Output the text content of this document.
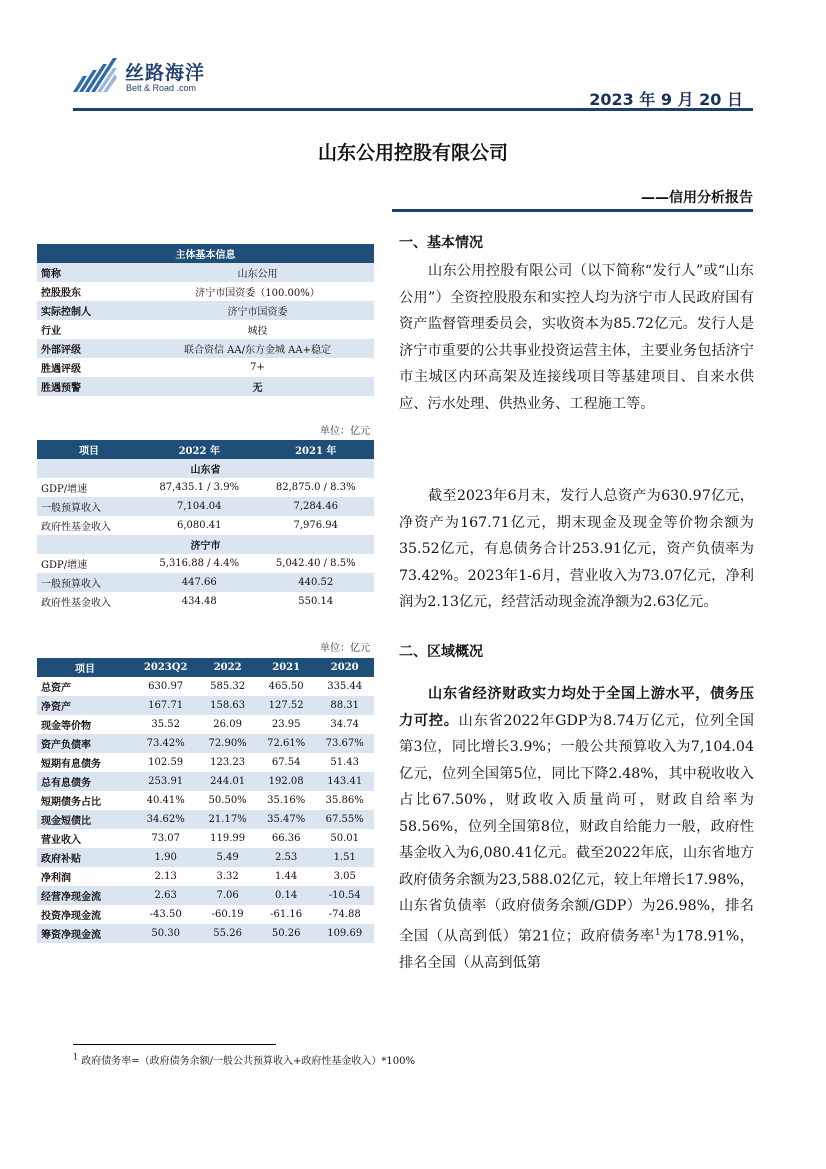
丝路海洋
Belt & Road .com
2023 年 9 月 20 日
山东公用控股有限公司
——信用分析报告
主体基本信息	
简称	山东公用
控股股东	济宁市国资委（100.00%）
实际控制人	济宁市国资委
行业	城投
外部评级	联合资信 AA/东方金城 AA+稳定
胜遇评级	7+
胜遇预警	无
单位：亿元
项目	2022 年	2021 年
山东省		
GDP/增速	87,435.1 / 3.9%	82,875.0 / 8.3%
一般预算收入	7,104.04	7,284.46
政府性基金收入	6,080.41	7,976.94
济宁市		
GDP/增速	5,316.88 / 4.4%	5,042.40 / 8.5%
一般预算收入	447.66	440.52
政府性基金收入	434.48	550.14
单位：亿元
项目	2023Q2	2022	2021	2020
总资产	630.97	585.32	465.50	335.44
净资产	167.71	158.63	127.52	88.31
现金等价物	35.52	26.09	23.95	34.74
资产负债率	73.42%	72.90%	72.61%	73.67%
短期有息债务	102.59	123.23	67.54	51.43
总有息债务	253.91	244.01	192.08	143.41
短期债务占比	40.41%	50.50%	35.16%	35.86%
现金短债比	34.62%	21.17%	35.47%	67.55%
营业收入	73.07	119.99	66.36	50.01
政府补贴	1.90	5.49	2.53	1.51
净利润	2.13	3.32	1.44	3.05
经营净现金流	2.63	7.06	0.14	-10.54
投资净现金流	-43.50	-60.19	-61.16	-74.88
筹资净现金流	50.30	55.26	50.26	109.69
一、基本情况
山东公用控股有限公司（以下简称“发行人”或“山东公用”）全资控股股东和实控人均为济宁市人民政府国有资产监督管理委员会，实收资本为85.72亿元。发行人是济宁市重要的公共事业投资运营主体，主要业务包括济宁市主城区内环高架及连接线项目等基建项目、自来水供应、污水处理、供热业务、工程施工等。
截至2023年6月末，发行人总资产为630.97亿元，净资产为167.71亿元，期末现金及现金等价物余额为35.52亿元，有息债务合计253.91亿元，资产负债率为73.42%。2023年1-6月，营业收入为73.07亿元，净利润为2.13亿元，经营活动现金流净额为2.63亿元。
二、区域概况
山东省经济财政实力均处于全国上游水平，债务压力可控。山东省2022年GDP为8.74万亿元，位列全国第3位，同比增长3.9%；一般公共预算收入为7,104.04亿元，位列全国第5位，同比下降2.48%，其中税收收入占比67.50%，财政收入质量尚可，财政自给率为58.56%，位列全国第8位，财政自给能力一般，政府性基金收入为6,080.41亿元。截至2022年底，山东省地方政府债务余额为23,588.02亿元，较上年增长17.98%，山东省负债率（政府债务余额/GDP）为26.98%，排名全国（从高到低）第21位；政府债务率$^1$为178.91%，排名全国（从高到低第
$^1$ 政府债务率=（政府债务余额/一般公共预算收入+政府性基金收入）*100%
